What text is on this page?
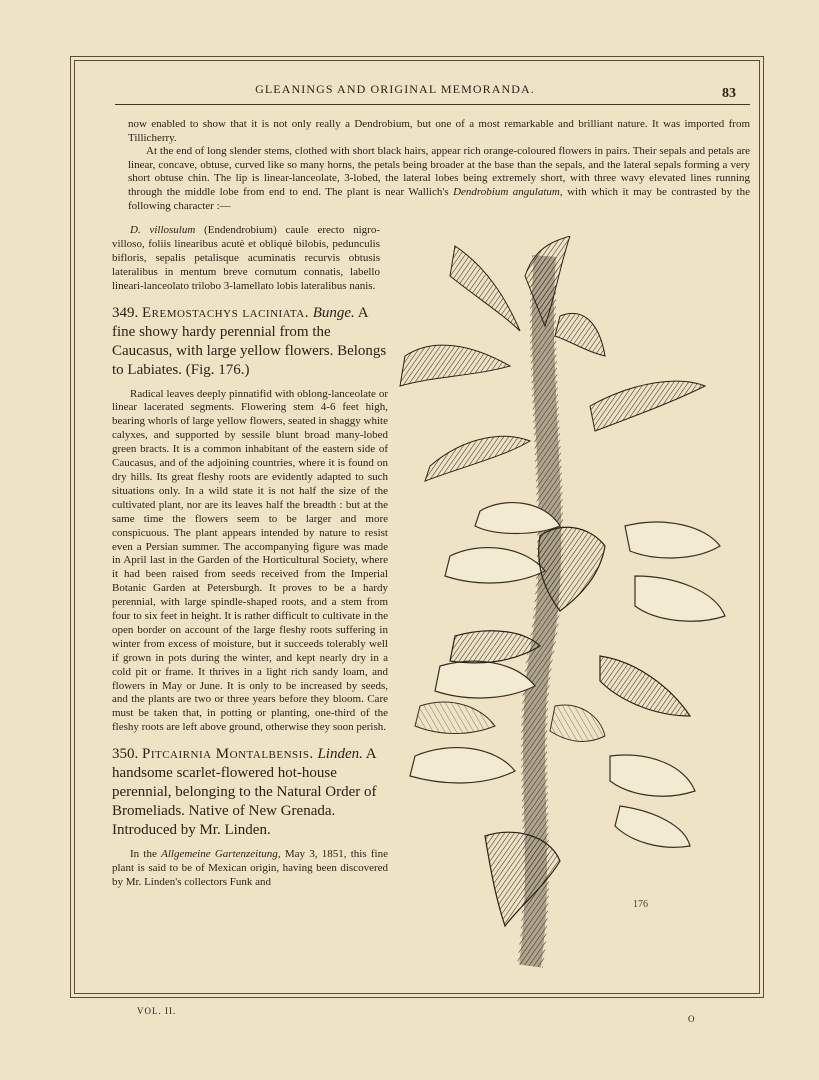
GLEANINGS AND ORIGINAL MEMORANDA.	83

now enabled to show that it is not only really a Dendrobium, but one of a most remarkable and brilliant nature. It was imported from Tillicherry.

At the end of long slender stems, clothed with short black hairs, appear rich orange-coloured flowers in pairs. Their sepals and petals are linear, concave, obtuse, curved like so many horns, the petals being broader at the base than the sepals, and the lateral sepals forming a very short obtuse chin. The lip is linear-lanceolate, 3-lobed, the lateral lobes being extremely short, with three wavy elevated lines running through the middle lobe from end to end. The plant is near Wallich's Dendrobium angulatum, with which it may be contrasted by the following character :—

D. villosulum (Endendrobium) caule erecto nigro-villoso, foliis linearibus acutè et obliquè bilobis, pedunculis bifloris, sepalis petalisque acuminatis recurvis obtusis lateralibus in mentum breve cornutum connatis, labello lineari-lanceolato trilobo 3-lamellato lobis lateralibus nanis.

349. Eremostachys laciniata. Bunge. A fine showy hardy perennial from the Caucasus, with large yellow flowers. Belongs to Labiates. (Fig. 176.)

Radical leaves deeply pinnatifid with oblong-lanceolate or linear lacerated segments. Flowering stem 4-6 feet high, bearing whorls of large yellow flowers, seated in shaggy white calyxes, and supported by sessile blunt broad many-lobed green bracts. It is a common inhabitant of the eastern side of Caucasus, and of the adjoining countries, where it is found on dry hills. Its great fleshy roots are evidently adapted to such situations only. In a wild state it is not half the size of the cultivated plant, nor are its leaves half the breadth : but at the same time the flowers seem to be larger and more conspicuous. The plant appears intended by nature to resist even a Persian summer. The accompanying figure was made in April last in the Garden of the Horticultural Society, where it had been raised from seeds received from the Imperial Botanic Garden at Petersburgh. It proves to be a hardy perennial, with large spindle-shaped roots, and a stem from four to six feet in height. It is rather difficult to cultivate in the open border on account of the large fleshy roots suffering in winter from excess of moisture, but it succeeds tolerably well if grown in pots during the winter, and kept nearly dry in a cold pit or frame. It thrives in a light rich sandy loam, and flowers in May or June. It is only to be increased by seeds, and the plants are two or three years before they bloom. Care must be taken that, in potting or planting, one-third of the fleshy roots are left above ground, otherwise they soon perish.

350. Pitcairnia Montalbensis. Linden. A handsome scarlet-flowered hot-house perennial, belonging to the Natural Order of Bromeliads. Native of New Grenada. Introduced by Mr. Linden.

In the Allgemeine Gartenzeitung, May 3, 1851, this fine plant is said to be of Mexican origin, having been discovered by Mr. Linden's collectors Funk and

176
VOL. II.
O
